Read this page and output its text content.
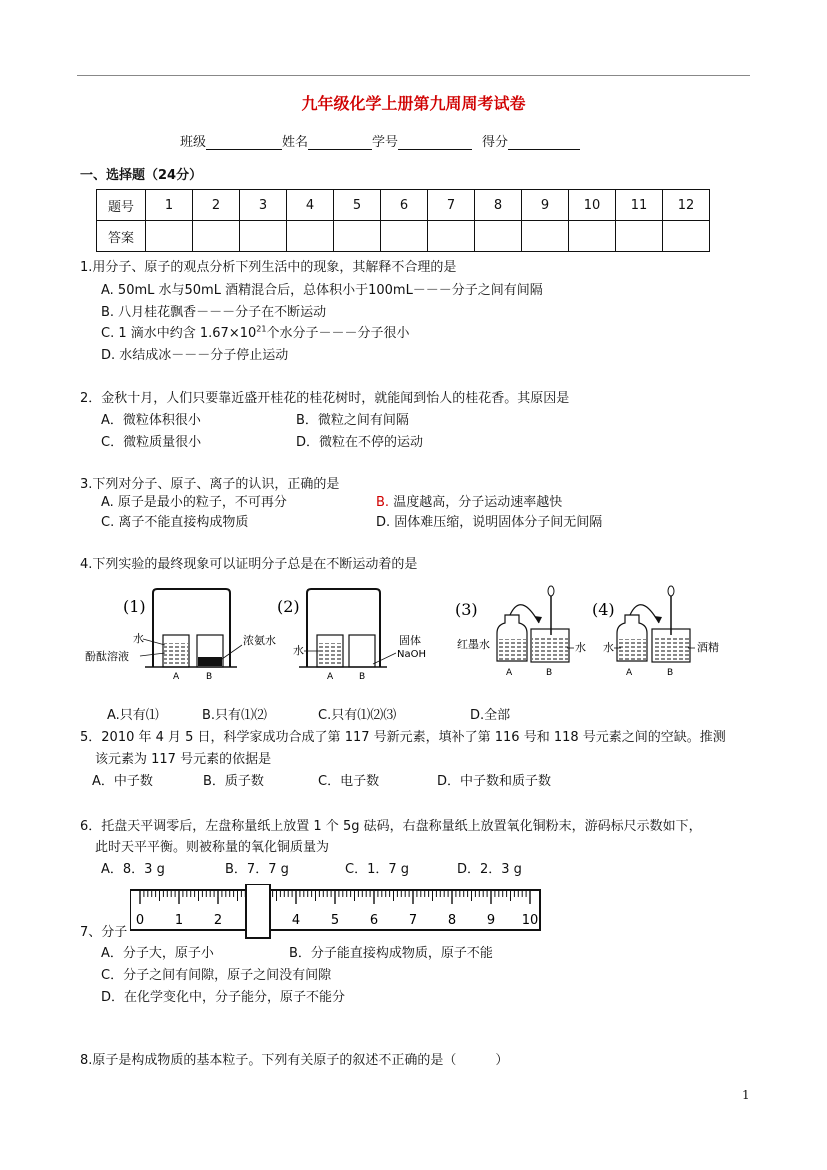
九年级化学上册第九周周考试卷
班级	姓名	学号	得分
一、选择题（24分）
题号	1	2	3	4	5	6	7	8	9	10	11	12
答案												
1.用分子、原子的观点分析下列生活中的现象，其解释不合理的是
A. 50mL 水与50mL 酒精混合后，总体积小于100mL－－－分子之间有间隔
B. 八月桂花飘香－－－分子在不断运动
C. 1 滴水中约含 $1.67\times 10^{21}$个水分子－－－分子很小
D. 水结成冰－－－分子停止运动
2．金秋十月，人们只要靠近盛开桂花的桂花树时，就能闻到怡人的桂花香。其原因是
A．微粒体积很小	B．微粒之间有间隔
C．微粒质量很小	D．微粒在不停的运动
3.下列对分子、原子、离子的认识，正确的是
A. 原子是最小的粒子，不可再分	B. 温度越高，分子运动速率越快
C. 离子不能直接构成物质	D. 固体难压缩，说明固体分子间无间隔
4.下列实验的最终现象可以证明分子总是在不断运动着的是
(1)
水
酚酞溶液
浓氨水
A	B
(2)
水
固体
NaOH
A	B
(3)
红墨水	水
A	B
(4)
水	酒精
A	B
A.只有⑴	B.只有⑴⑵	C.只有⑴⑵⑶	D.全部
5．2010 年 4 月 5 日，科学家成功合成了第 117 号新元素，填补了第 116 号和 118 号元素之间的空缺。推测
该元素为 117 号元素的依据是
A．中子数	B．质子数	C．电子数	D．中子数和质子数
6．托盘天平调零后，左盘称量纸上放置 1 个 5g 砝码，右盘称量纸上放置氧化铜粉末，游码标尺示数如下，
此时天平平衡。则被称量的氧化铜质量为
A．8．3 g	B．7．7 g	C．1．7 g	D．2．3 g
0 1 2	4 5 6 7 8 9 10
7、分子
A．分子大，原子小	B．分子能直接构成物质，原子不能
C．分子之间有间隙，原子之间没有间隙
D．在化学变化中，分子能分，原子不能分
8.原子是构成物质的基本粒子。下列有关原子的叙述不正确的是（　　　）
1
